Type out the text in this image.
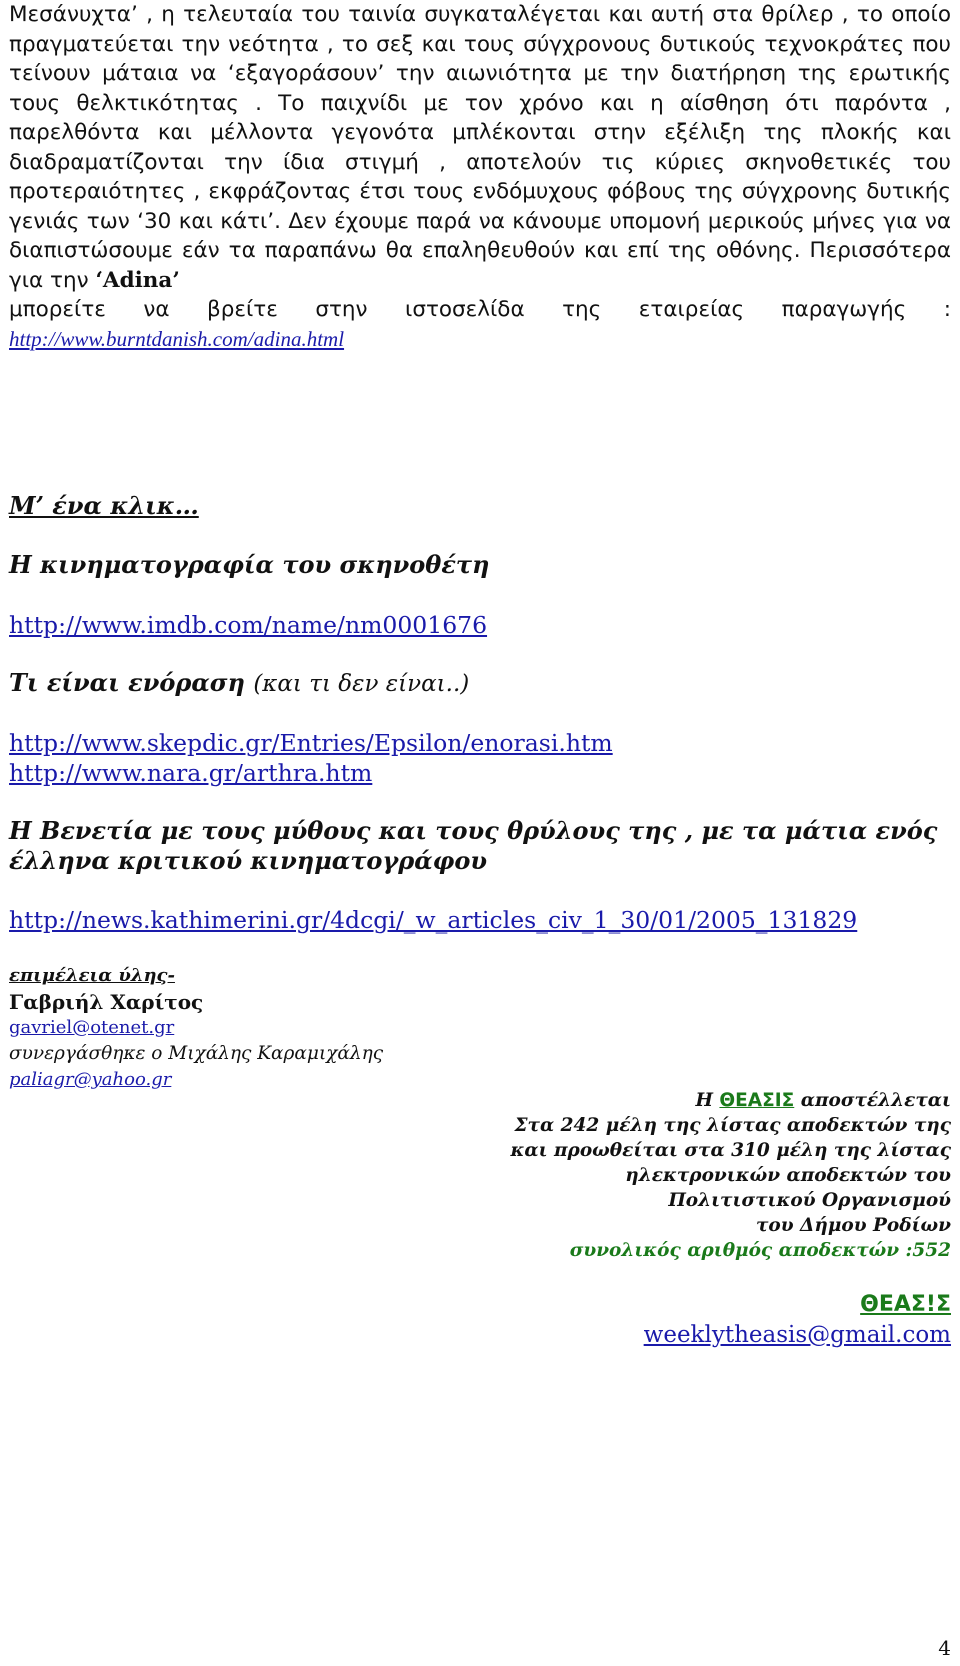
Μεσάνυχτα’ , η τελευταία του ταινία συγκαταλέγεται και αυτή στα θρίλερ , το οποίο πραγματεύεται την νεότητα , το σεξ και τους σύγχρονους δυτικούς τεχνοκράτες που τείνουν μάταια να ‘εξαγοράσουν’ την αιωνιότητα με την διατήρηση της ερωτικής τους θελκτικότητας . Το παιχνίδι με τον χρόνο και η αίσθηση ότι παρόντα , παρελθόντα και μέλλοντα γεγονότα μπλέκονται στην εξέλιξη της πλοκής και διαδραματίζονται την ίδια στιγμή , αποτελούν τις κύριες σκηνοθετικές του προτεραιότητες , εκφράζοντας έτσι τους ενδόμυχους φόβους της σύγχρονης δυτικής γενιάς των ‘30 και κάτι’. Δεν έχουμε παρά να κάνουμε υπομονή μερικούς μήνες για να διαπιστώσουμε εάν τα παραπάνω θα επαληθευθούν και επί της οθόνης. Περισσότερα για την ‘Adina’
μπορείτε να βρείτε στην ιστοσελίδα της εταιρείας παραγωγής :
http://www.burntdanish.com/adina.html

Μ’ ένα κλικ…
Η κινηματογραφία του σκηνοθέτη
http://www.imdb.com/name/nm0001676
Τι είναι ενόραση (και τι δεν είναι..)
http://www.skepdic.gr/Entries/Epsilon/enorasi.htm
http://www.nara.gr/arthra.htm
Η Βενετία με τους μύθους και τους θρύλους της , με τα μάτια ενός
έλληνα κριτικού κινηματογράφου
http://news.kathimerini.gr/4dcgi/_w_articles_civ_1_30/01/2005_131829
επιμέλεια ύλης-
Γαβριήλ Χαρίτος
gavriel@otenet.gr
συνεργάσθηκε ο Μιχάλης Καραμιχάλης
paliagr@yahoo.gr
Η ΘΕΑΣΙΣ αποστέλλεται
Στα 242 μέλη της λίστας αποδεκτών της
και προωθείται στα 310 μέλη της λίστας
ηλεκτρονικών αποδεκτών του
Πολιτιστικού Οργανισμού
του Δήμου Ροδίων
συνολικός αριθμός αποδεκτών :552
ΘΕΑΣ!Σ
weeklytheasis@gmail.com
4
